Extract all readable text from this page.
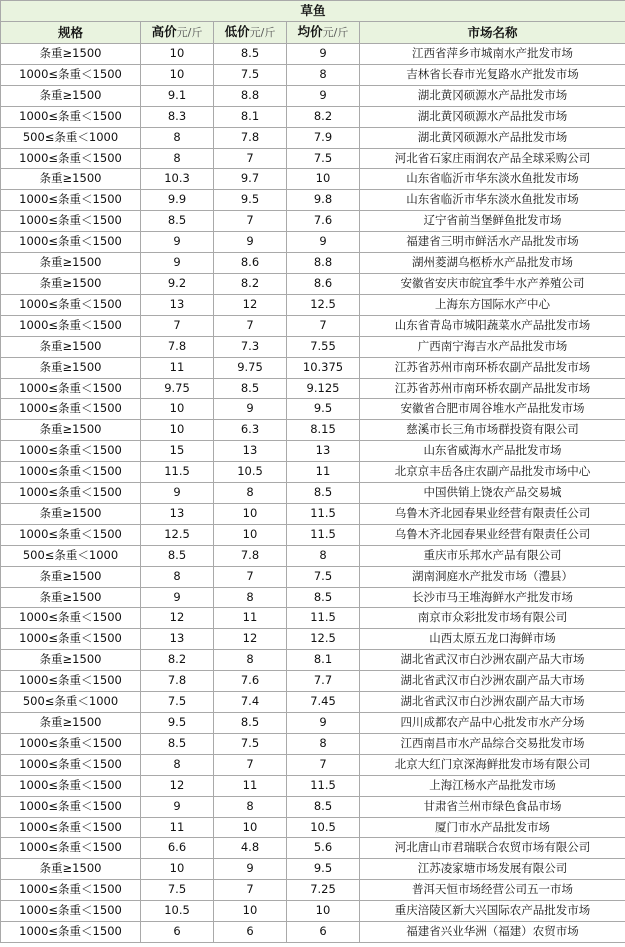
草鱼				
规格	高价元/斤	低价元/斤	均价元/斤	市场名称
条重≥1500	10	8.5	9	江西省萍乡市城南水产批发市场
1000≤条重＜1500	10	7.5	8	吉林省长春市光复路水产批发市场
条重≥1500	9.1	8.8	9	湖北黄冈硕源水产品批发市场
1000≤条重＜1500	8.3	8.1	8.2	湖北黄冈硕源水产品批发市场
500≤条重＜1000	8	7.8	7.9	湖北黄冈硕源水产品批发市场
1000≤条重＜1500	8	7	7.5	河北省石家庄雨润农产品全球采购公司
条重≥1500	10.3	9.7	10	山东省临沂市华东淡水鱼批发市场
1000≤条重＜1500	9.9	9.5	9.8	山东省临沂市华东淡水鱼批发市场
1000≤条重＜1500	8.5	7	7.6	辽宁省前当堡鲜鱼批发市场
1000≤条重＜1500	9	9	9	福建省三明市鲜活水产品批发市场
条重≥1500	9	8.6	8.8	湖州菱湖乌柩桥水产品批发市场
条重≥1500	9.2	8.2	8.6	安徽省安庆市皖宜季牛水产养殖公司
1000≤条重＜1500	13	12	12.5	上海东方国际水产中心
1000≤条重＜1500	7	7	7	山东省青岛市城阳蔬菜水产品批发市场
条重≥1500	7.8	7.3	7.55	广西南宁海吉水产品批发市场
条重≥1500	11	9.75	10.375	江苏省苏州市南环桥农副产品批发市场
1000≤条重＜1500	9.75	8.5	9.125	江苏省苏州市南环桥农副产品批发市场
1000≤条重＜1500	10	9	9.5	安徽省合肥市周谷堆水产品批发市场
条重≥1500	10	6.3	8.15	慈溪市长三角市场群投资有限公司
1000≤条重＜1500	15	13	13	山东省威海水产品批发市场
1000≤条重＜1500	11.5	10.5	11	北京京丰岳各庄农副产品批发市场中心
1000≤条重＜1500	9	8	8.5	中国供销上饶农产品交易城
条重≥1500	13	10	11.5	乌鲁木齐北园春果业经营有限责任公司
1000≤条重＜1500	12.5	10	11.5	乌鲁木齐北园春果业经营有限责任公司
500≤条重＜1000	8.5	7.8	8	重庆市乐邦水产品有限公司
条重≥1500	8	7	7.5	湖南洞庭水产批发市场（澧县）
条重≥1500	9	8	8.5	长沙市马王堆海鲜水产批发市场
1000≤条重＜1500	12	11	11.5	南京市众彩批发市场有限公司
1000≤条重＜1500	13	12	12.5	山西太原五龙口海鲜市场
条重≥1500	8.2	8	8.1	湖北省武汉市白沙洲农副产品大市场
1000≤条重＜1500	7.8	7.6	7.7	湖北省武汉市白沙洲农副产品大市场
500≤条重＜1000	7.5	7.4	7.45	湖北省武汉市白沙洲农副产品大市场
条重≥1500	9.5	8.5	9	四川成都农产品中心批发市水产分场
1000≤条重＜1500	8.5	7.5	8	江西南昌市水产品综合交易批发市场
1000≤条重＜1500	8	7	7	北京大红门京深海鲜批发市场有限公司
1000≤条重＜1500	12	11	11.5	上海江杨水产品批发市场
1000≤条重＜1500	9	8	8.5	甘肃省兰州市绿色食品市场
1000≤条重＜1500	11	10	10.5	厦门市水产品批发市场
1000≤条重＜1500	6.6	4.8	5.6	河北唐山市君瑞联合农贸市场有限公司
条重≥1500	10	9	9.5	江苏凌家塘市场发展有限公司
1000≤条重＜1500	7.5	7	7.25	普洱天恒市场经营公司五一市场
1000≤条重＜1500	10.5	10	10	重庆涪陵区新大兴国际农产品批发市场
1000≤条重＜1500	6	6	6	福建省兴业华洲（福建）农贸市场
